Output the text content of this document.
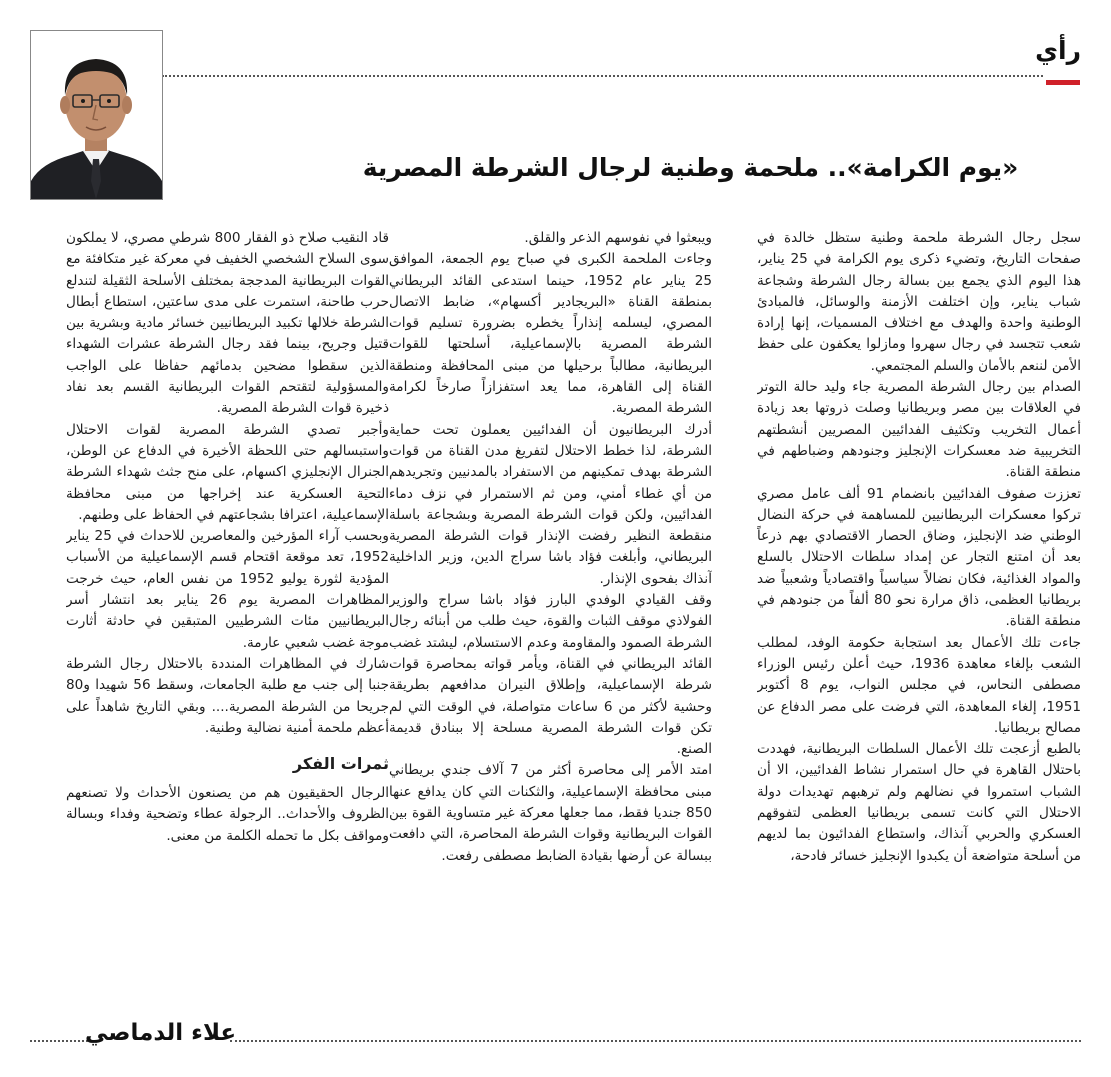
رأي
«يوم الكرامة».. ملحمة وطنية لرجال الشرطة المصرية

سجل رجال الشرطة ملحمة وطنية ستظل خالدة في صفحات التاريخ، وتضيء ذكرى يوم الكرامة في 25 يناير، هذا اليوم الذي يجمع بين بسالة رجال الشرطة وشجاعة شباب يناير، وإن اختلفت الأزمنة والوسائل، فالمبادئ الوطنية واحدة والهدف مع اختلاف المسميات، إنها إرادة شعب تتجسد في رجال سهروا ومازلوا يعكفون على حفظ الأمن لننعم بالأمان والسلم المجتمعي.

الصدام بين رجال الشرطة المصرية جاء وليد حالة التوتر في العلاقات بين مصر وبريطانيا وصلت ذروتها بعد زيادة أعمال التخريب وتكثيف الفدائيين المصريين أنشطتهم التخريبية ضد معسكرات الإنجليز وجنودهم وضباطهم في منطقة القناة.

تعززت صفوف الفدائيين بانضمام 91 ألف عامل مصري تركوا معسكرات البريطانيين للمساهمة في حركة النضال الوطني ضد الإنجليز، وضاق الحصار الاقتصادي بهم ذرعاً بعد أن امتنع التجار عن إمداد سلطات الاحتلال بالسلع والمواد الغذائية، فكان نضالاً سياسياً واقتصادياً وشعبياً ضد بريطانيا العظمى، ذاق مرارة نحو 80 ألفاً من جنودهم في منطقة القناة.

جاءت تلك الأعمال بعد استجابة حكومة الوفد، لمطلب الشعب بإلغاء معاهدة 1936، حيث أعلن رئيس الوزراء مصطفى النحاس، في مجلس النواب، يوم 8 أكتوبر 1951، إلغاء المعاهدة، التي فرضت على مصر الدفاع عن مصالح بريطانيا.

بالطبع أزعجت تلك الأعمال السلطات البريطانية، فهددت باحتلال القاهرة في حال استمرار نشاط الفدائيين، الا أن الشباب استمروا في نضالهم ولم ترهبهم تهديدات دولة الاحتلال التي كانت تسمى بريطانيا العظمى لتفوقهم العسكري والحربي آنذاك، واستطاع الفدائيون بما لديهم من أسلحة متواضعة أن يكبدوا الإنجليز خسائر فادحة،

ويبعثوا في نفوسهم الذعر والقلق.

وجاءت الملحمة الكبرى في صباح يوم الجمعة، الموافق 25 يناير عام 1952، حينما استدعى القائد البريطاني بمنطقة القناة «البريجادير أكسهام»، ضابط الاتصال المصري، ليسلمه إنذاراً يخطره بضرورة تسليم قوات الشرطة المصرية بالإسماعيلية، أسلحتها للقوات البريطانية، مطالباً برحيلها من مبنى المحافظة ومنطقة القناة إلى القاهرة، مما يعد استفزازاً صارخاً لكرامة الشرطة المصرية.

أدرك البريطانيون أن الفدائيين يعملون تحت حماية الشرطة، لذا خطط الاحتلال لتفريغ مدن القناة من قوات الشرطة بهدف تمكينهم من الاستفراد بالمدنيين وتجريدهم من أي غطاء أمني، ومن ثم الاستمرار في نزف دماء الفدائيين، ولكن قوات الشرطة المصرية وبشجاعة باسلة منقطعة النظير رفضت الإنذار قوات الشرطة المصرية البريطاني، وأبلغت فؤاد باشا سراج الدين، وزير الداخلية آنذاك بفحوى الإنذار.

وقف القيادي الوفدي البارز فؤاد باشا سراج والوزير الفولاذي موقف الثبات والقوة، حيث طلب من أبنائه رجال الشرطة الصمود والمقاومة وعدم الاستسلام، ليشتد غضب القائد البريطاني في القناة، ويأمر قواته بمحاصرة قوات شرطة الإسماعيلية، وإطلاق النيران مدافعهم بطريقة وحشية لأكثر من 6 ساعات متواصلة، في الوقت التي لم تكن قوات الشرطة المصرية مسلحة إلا ببنادق قديمة الصنع.

امتد الأمر إلى محاصرة أكثر من 7 آلاف جندي بريطاني مبنى محافظة الإسماعيلية، والثكنات التي كان يدافع عنها 850 جنديا فقط، مما جعلها معركة غير متساوية القوة بين القوات البريطانية وقوات الشرطة المحاصرة، التي دافعت ببسالة عن أرضها بقيادة الضابط مصطفى رفعت.

قاد النقيب صلاح ذو الفقار 800 شرطي مصري، لا يملكون سوى السلاح الشخصي الخفيف في معركة غير متكافئة مع القوات البريطانية المدججة بمختلف الأسلحة الثقيلة لتندلع حرب طاحنة، استمرت على مدى ساعتين، استطاع أبطال الشرطة خلالها تكبيد البريطانيين خسائر مادية وبشرية بين قتيل وجريح، بينما فقد رجال الشرطة عشرات الشهداء الذين سقطوا مضحين بدمائهم حفاظا على الواجب والمسؤولية لتقتحم القوات البريطانية القسم بعد نفاد ذخيرة قوات الشرطة المصرية.

وأجبر تصدي الشرطة المصرية لقوات الاحتلال واستبسالهم حتى اللحظة الأخيرة في الدفاع عن الوطن، الجنرال الإنجليزي اكسهام، على منح جثث شهداء الشرطة التحية العسكرية عند إخراجها من مبنى محافظة الإسماعيلية، اعترافا بشجاعتهم في الحفاظ على وطنهم.

وبحسب آراء المؤرخين والمعاصرين للاحداث في 25 يناير 1952، تعد موقعة اقتحام قسم الإسماعيلية من الأسباب المؤدية لثورة يوليو 1952 من نفس العام، حيث خرجت المظاهرات المصرية يوم 26 يناير بعد انتشار أسر البريطانيين مئات الشرطيين المتبقين في حادثة أثارت موجة غضب شعبي عارمة.

شارك في المظاهرات المنددة بالاحتلال رجال الشرطة جنبا إلى جنب مع طلبة الجامعات، وسقط 56 شهيدا و80 جريحا من الشرطة المصرية.... وبقي التاريخ شاهداً على أعظم ملحمة أمنية نضالية وطنية.

ثمرات الفكر

الرجال الحقيقيون هم من يصنعون الأحداث ولا تصنعهم الظروف والأحداث.. الرجولة عطاء وتضحية وفداء وبسالة ومواقف بكل ما تحمله الكلمة من معنى.

علاء الدماصي
